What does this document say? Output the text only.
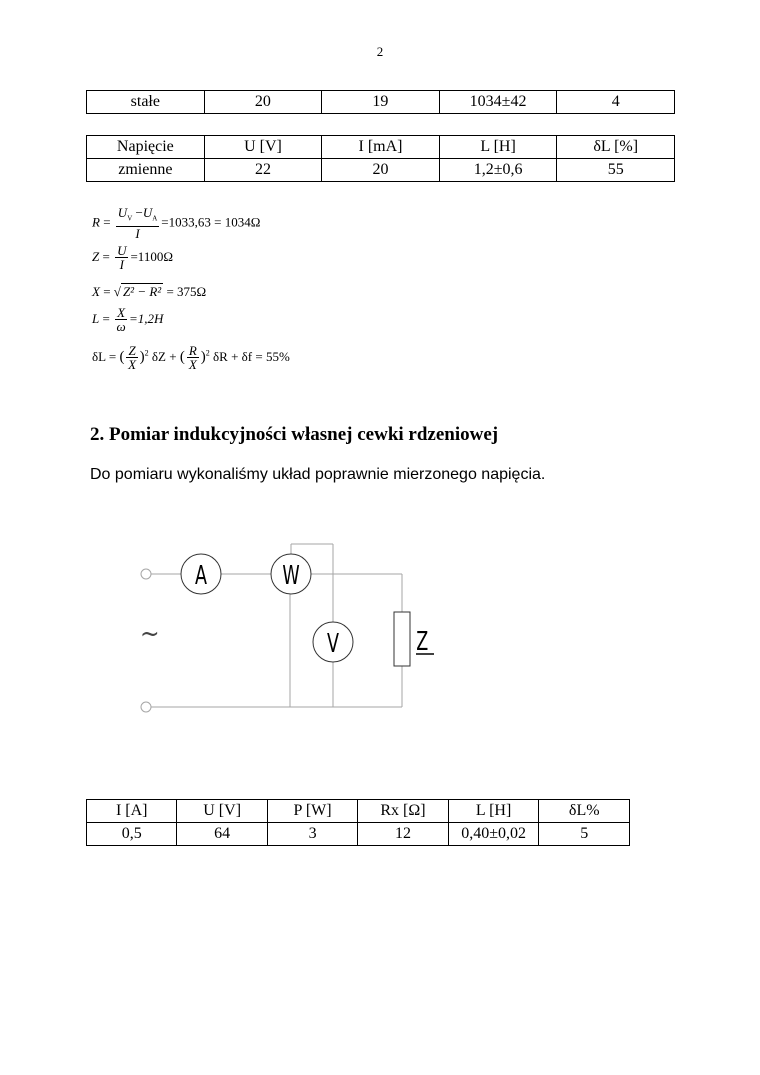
2
stałe	20	19	1034±42	4
Napięcie	U [V]	I [mA]	L [H]	δL [%]
zmienne	22	20	1,2±0,6	55
$R = \frac{U_V -U_A}{I} =1033,63 = 1034\Omega$
$Z = \frac{U}{I} =1100\Omega$
X = √ Z² − R² = 375Ω
$L = \frac{X}{\omega} =1,2H$
δL = ( $\frac{Z}{X} )^2$ δZ + ( $\frac{R}{X} )^2$ δR + δf = 55%
2. Pomiar indukcyjności własnej cewki rdzeniowej
Do pomiaru wykonaliśmy układ poprawnie mierzonego napięcia.
A	W
V	Z
~
I [A]	U [V]	P [W]	Rx [Ω]	L [H]	δL%
0,5	64	3	12	0,40±0,02	5
